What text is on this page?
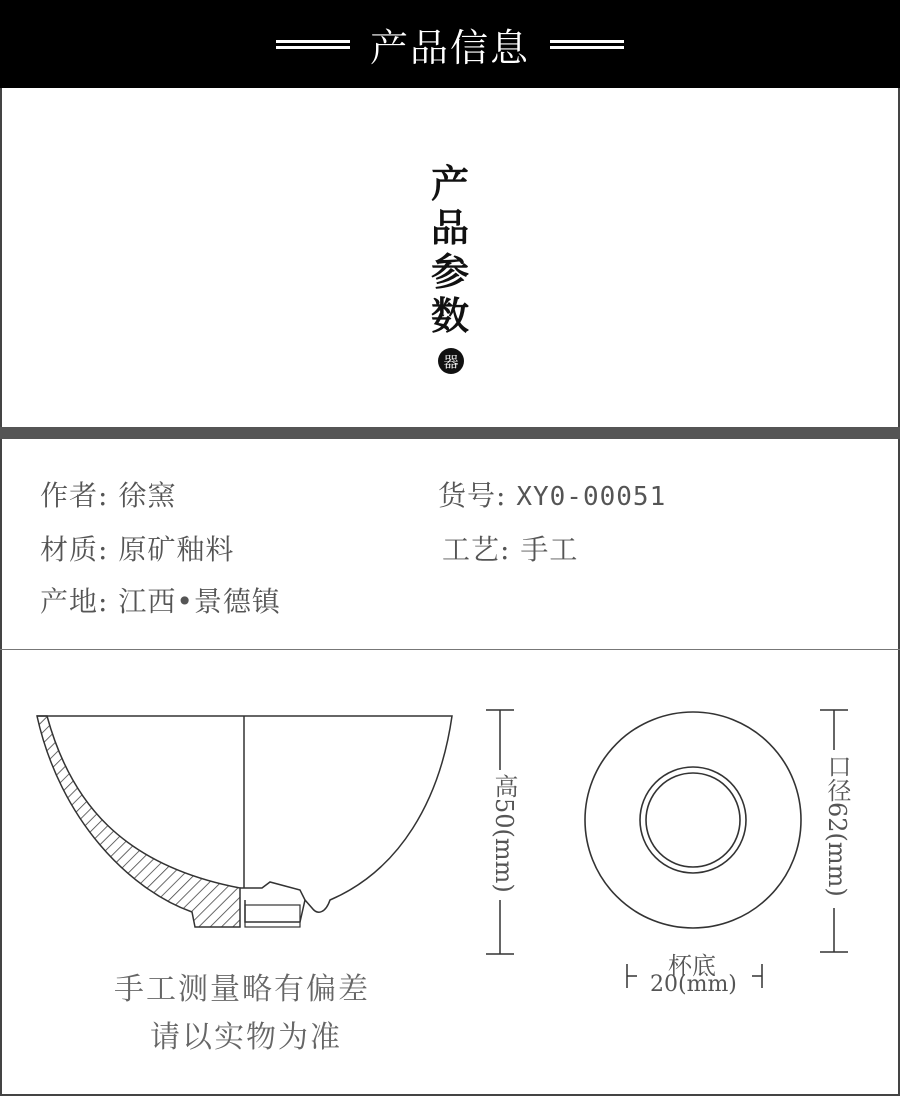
产品信息
产
品
参
数
器
作者: 徐窯	货号: XY0-00051
材质: 原矿釉料	工艺: 手工
产地: 江西•景德镇
高50(mm)	口径62(mm)
杯底
20(mm)
手工测量略有偏差
请以实物为准
